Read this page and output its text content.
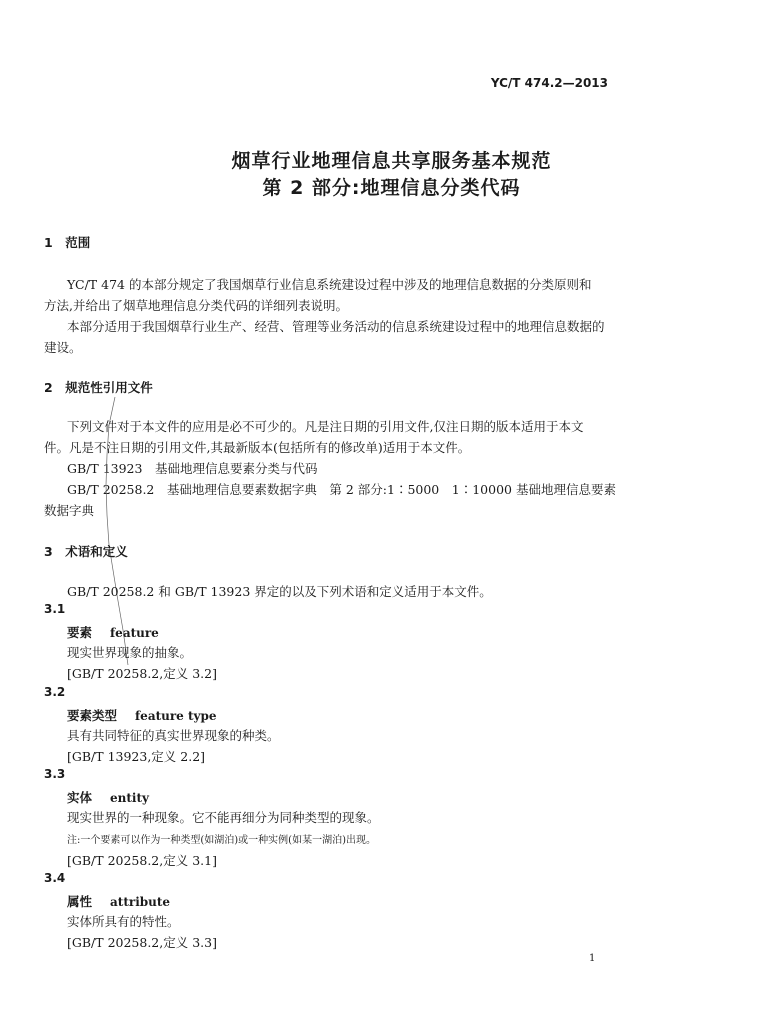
YC/T 474.2—2013
烟草行业地理信息共享服务基本规范
第 2 部分:地理信息分类代码
1　范围
YC/T 474 的本部分规定了我国烟草行业信息系统建设过程中涉及的地理信息数据的分类原则和
方法,并给出了烟草地理信息分类代码的详细列表说明。
本部分适用于我国烟草行业生产、经营、管理等业务活动的信息系统建设过程中的地理信息数据的
建设。
2　规范性引用文件
下列文件对于本文件的应用是必不可少的。凡是注日期的引用文件,仅注日期的版本适用于本文
件。凡是不注日期的引用文件,其最新版本(包括所有的修改单)适用于本文件。
GB/T 13923　基础地理信息要素分类与代码
GB/T 20258.2　基础地理信息要素数据字典　第 2 部分:1∶5000　1∶10000 基础地理信息要素
数据字典
3　术语和定义
GB/T 20258.2 和 GB/T 13923 界定的以及下列术语和定义适用于本文件。
3.1
要素 feature
现实世界现象的抽象。
[GB/T 20258.2,定义 3.2]
3.2
要素类型 feature type
具有共同特征的真实世界现象的种类。
[GB/T 13923,定义 2.2]
3.3
实体 entity
现实世界的一种现象。它不能再细分为同种类型的现象。
注:一个要素可以作为一种类型(如湖泊)或一种实例(如某一湖泊)出现。
[GB/T 20258.2,定义 3.1]
3.4
属性 attribute
实体所具有的特性。
[GB/T 20258.2,定义 3.3]
1
